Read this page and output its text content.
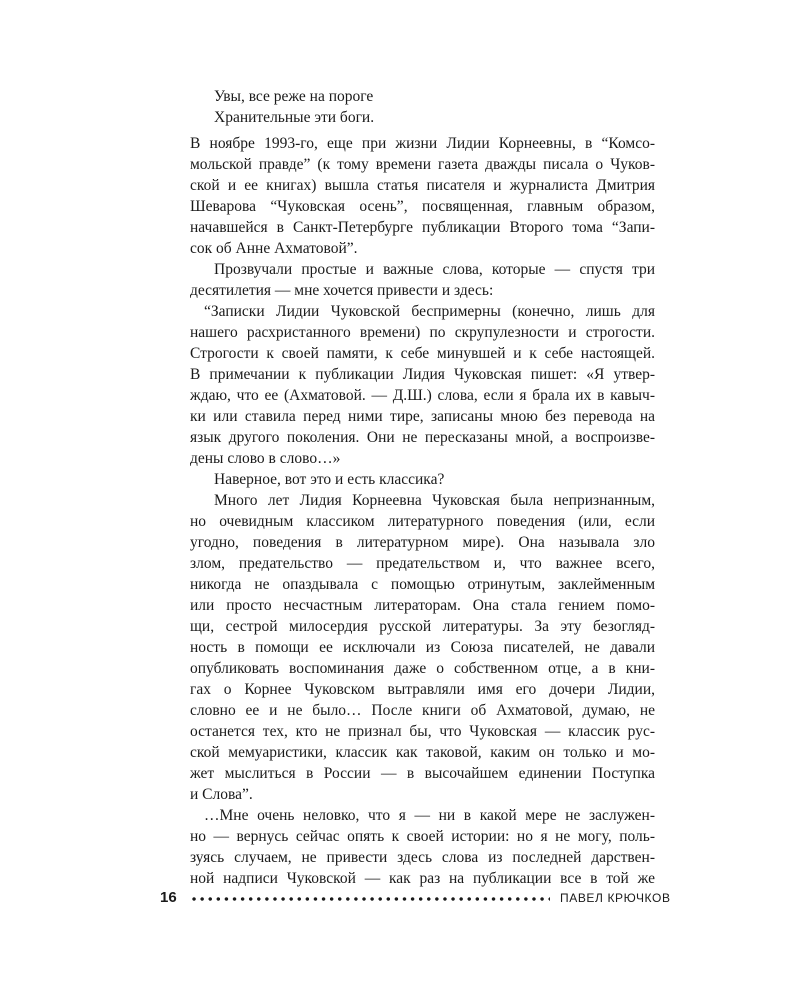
Увы, все реже на пороге
Хранительные эти боги.
В ноябре 1993-го, еще при жизни Лидии Корнеевны, в “Комсо-
мольской правде” (к тому времени газета дважды писала о Чуков-
ской и ее книгах) вышла статья писателя и журналиста Дмитрия
Шеварова “Чуковская осень”, посвященная, главным образом,
начавшейся в Санкт-Петербурге публикации Второго тома “Запи-
сок об Анне Ахматовой”.
Прозвучали простые и важные слова, которые — спустя три
десятилетия — мне хочется привести и здесь:
“Записки Лидии Чуковской беспримерны (конечно, лишь для
нашего расхристанного времени) по скрупулезности и строгости.
Строгости к своей памяти, к себе минувшей и к себе настоящей.
В примечании к публикации Лидия Чуковская пишет: «Я утвер-
ждаю, что ее (Ахматовой. — Д.Ш.) слова, если я брала их в кавыч-
ки или ставила перед ними тире, записаны мною без перевода на
язык другого поколения. Они не пересказаны мной, а воспроизве-
дены слово в слово…»
Наверное, вот это и есть классика?
Много лет Лидия Корнеевна Чуковская была непризнанным,
но очевидным классиком литературного поведения (или, если
угодно, поведения в литературном мире). Она называла зло
злом, предательство — предательством и, что важнее всего,
никогда не опаздывала с помощью отринутым, заклейменным
или просто несчастным литераторам. Она стала гением помо-
щи, сестрой милосердия русской литературы. За эту безогляд-
ность в помощи ее исключали из Союза писателей, не давали
опубликовать воспоминания даже о собственном отце, а в кни-
гах о Корнее Чуковском вытравляли имя его дочери Лидии,
словно ее и не было… После книги об Ахматовой, думаю, не
останется тех, кто не признал бы, что Чуковская — классик рус-
ской мемуаристики, классик как таковой, каким он только и мо-
жет мыслиться в России — в высочайшем единении Поступка
и Слова”.
…Мне очень неловко, что я — ни в какой мере не заслужен-
но — вернусь сейчас опять к своей истории: но я не могу, поль-
зуясь случаем, не привести здесь слова из последней дарствен-
ной надписи Чуковской — как раз на публикации все в той же
16	ПАВЕЛ КРЮЧКОВ
